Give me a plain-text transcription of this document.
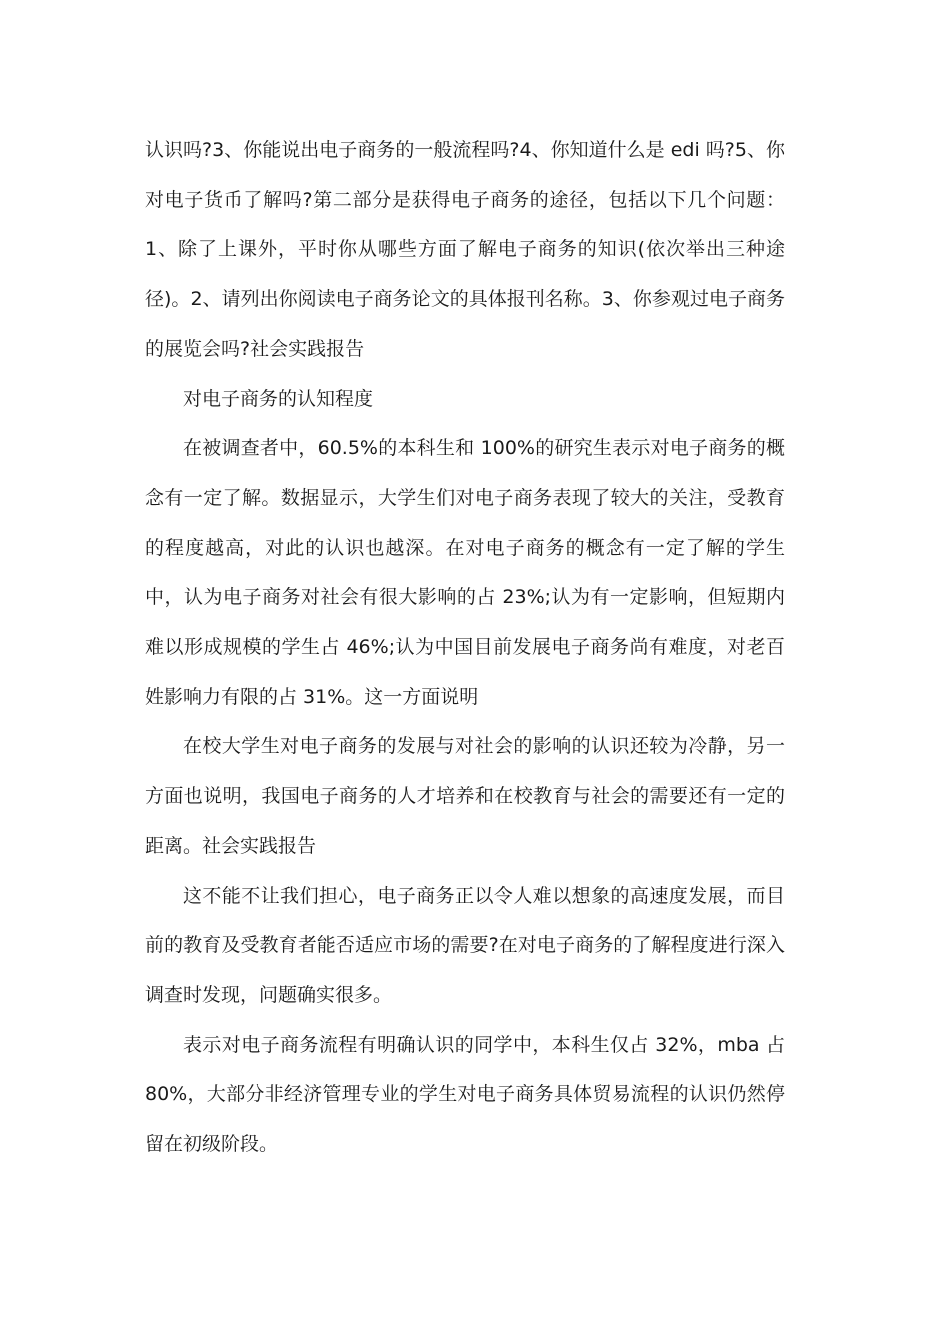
认识吗?3、你能说出电子商务的一般流程吗?4、你知道什么是 edi 吗?5、你对电子货币了解吗?第二部分是获得电子商务的途径，包括以下几个问题：1、除了上课外，平时你从哪些方面了解电子商务的知识(依次举出三种途径)。2、请列出你阅读电子商务论文的具体报刊名称。3、你参观过电子商务的展览会吗?社会实践报告

对电子商务的认知程度

在被调查者中，60.5%的本科生和 100%的研究生表示对电子商务的概念有一定了解。数据显示，大学生们对电子商务表现了较大的关注，受教育的程度越高，对此的认识也越深。在对电子商务的概念有一定了解的学生中，认为电子商务对社会有很大影响的占 23%;认为有一定影响，但短期内难以形成规模的学生占 46%;认为中国目前发展电子商务尚有难度，对老百姓影响力有限的占 31%。这一方面说明

在校大学生对电子商务的发展与对社会的影响的认识还较为冷静，另一方面也说明，我国电子商务的人才培养和在校教育与社会的需要还有一定的距离。社会实践报告

这不能不让我们担心，电子商务正以令人难以想象的高速度发展，而目前的教育及受教育者能否适应市场的需要?在对电子商务的了解程度进行深入调查时发现，问题确实很多。

表示对电子商务流程有明确认识的同学中，本科生仅占 32%，mba 占 80%，大部分非经济管理专业的学生对电子商务具体贸易流程的认识仍然停留在初级阶段。
